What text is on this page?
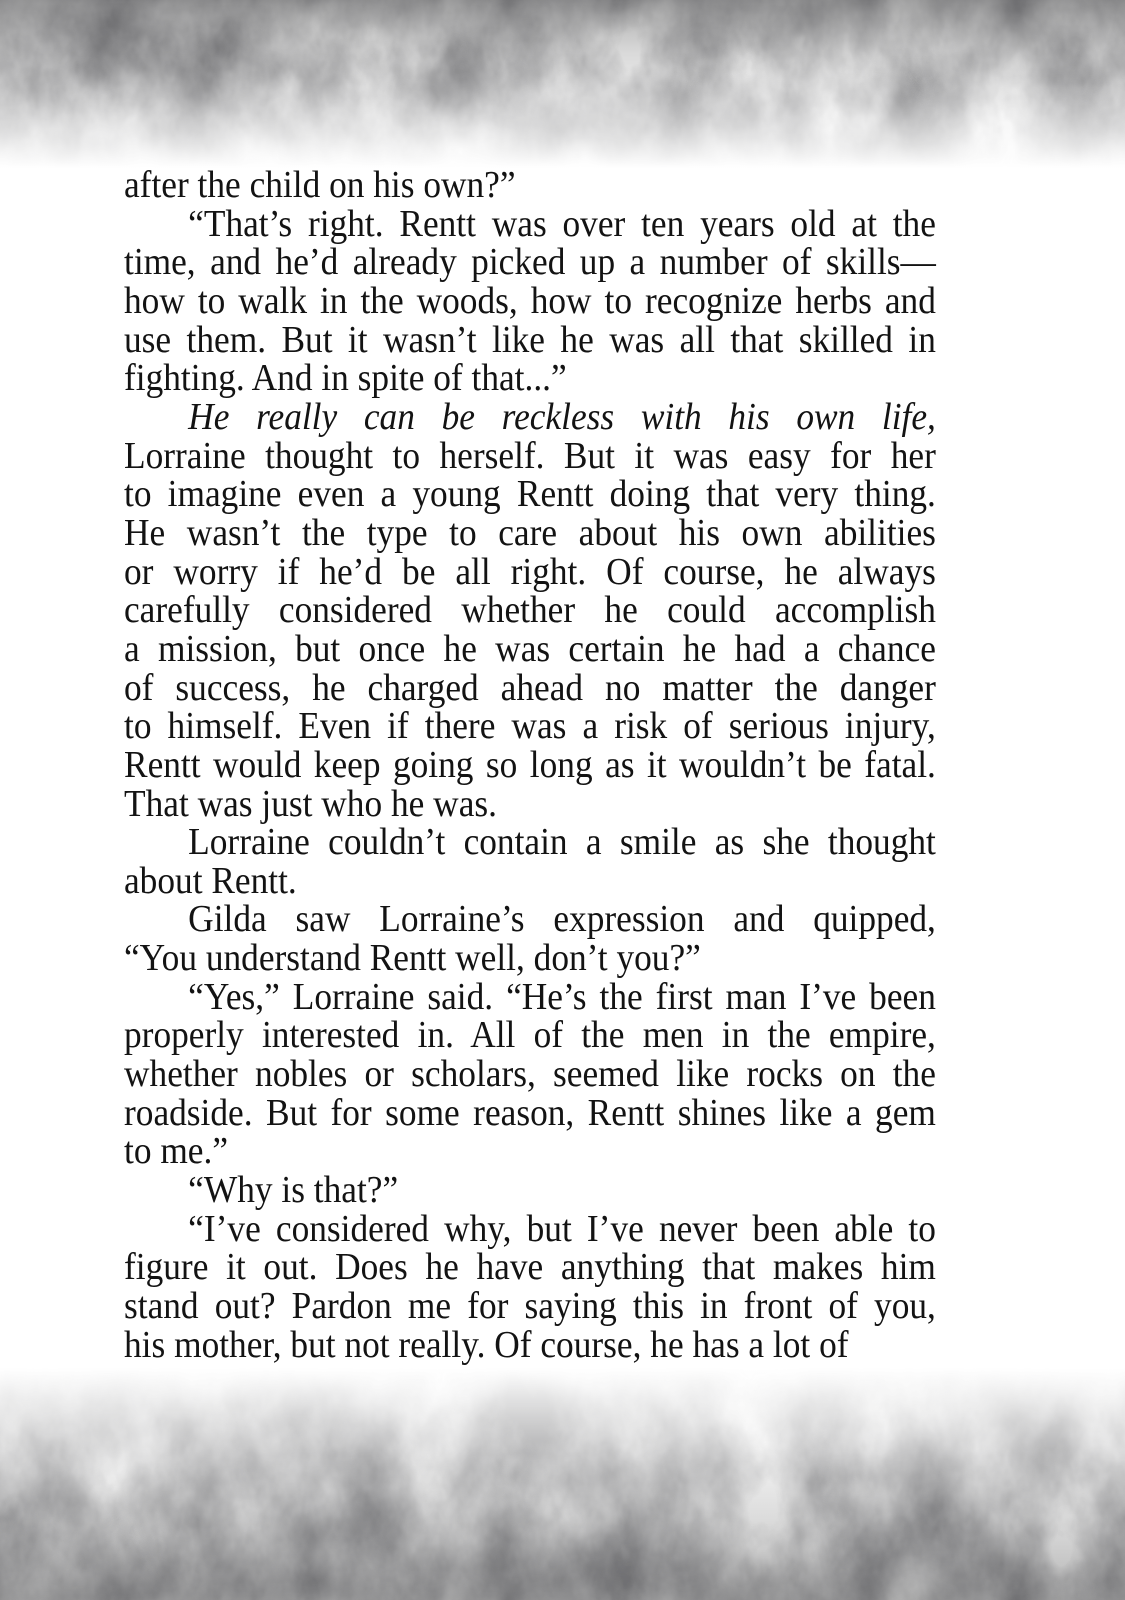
after the child on his own?”
“That’s right. Rentt was over ten years old at the
time, and he’d already picked up a number of skills—
how to walk in the woods, how to recognize herbs and
use them. But it wasn’t like he was all that skilled in
fighting. And in spite of that...”
He really can be reckless with his own life,
Lorraine thought to herself. But it was easy for her
to imagine even a young Rentt doing that very thing.
He wasn’t the type to care about his own abilities
or worry if he’d be all right. Of course, he always
carefully considered whether he could accomplish
a mission, but once he was certain he had a chance
of success, he charged ahead no matter the danger
to himself. Even if there was a risk of serious injury,
Rentt would keep going so long as it wouldn’t be fatal.
That was just who he was.
Lorraine couldn’t contain a smile as she thought
about Rentt.
Gilda saw Lorraine’s expression and quipped,
“You understand Rentt well, don’t you?”
“Yes,” Lorraine said. “He’s the first man I’ve been
properly interested in. All of the men in the empire,
whether nobles or scholars, seemed like rocks on the
roadside. But for some reason, Rentt shines like a gem
to me.”
“Why is that?”
“I’ve considered why, but I’ve never been able to
figure it out. Does he have anything that makes him
stand out? Pardon me for saying this in front of you,
his mother, but not really. Of course, he has a lot of
